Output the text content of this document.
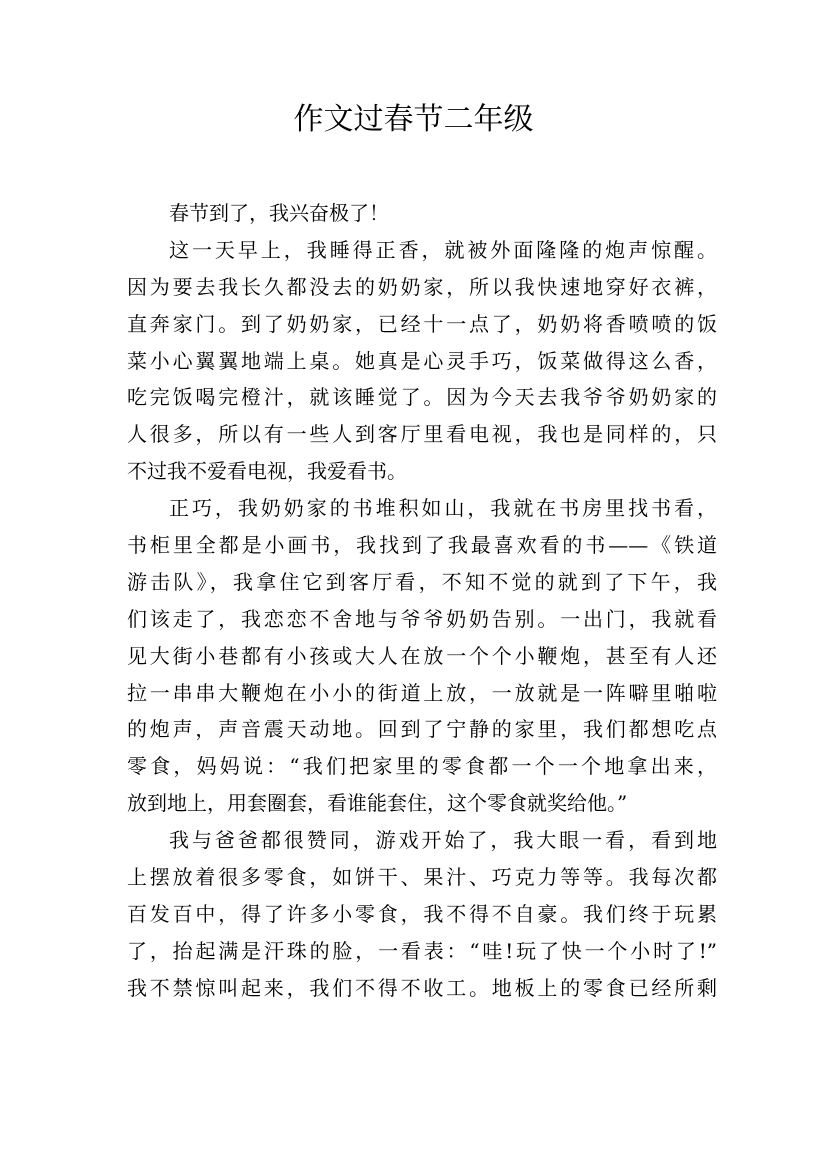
作文过春节二年级
春节到了，我兴奋极了！
这一天早上，我睡得正香，就被外面隆隆的炮声惊醒。
因为要去我长久都没去的奶奶家，所以我快速地穿好衣裤，
直奔家门。到了奶奶家，已经十一点了，奶奶将香喷喷的饭
菜小心翼翼地端上桌。她真是心灵手巧，饭菜做得这么香，
吃完饭喝完橙汁，就该睡觉了。因为今天去我爷爷奶奶家的
人很多，所以有一些人到客厅里看电视，我也是同样的，只
不过我不爱看电视，我爱看书。
正巧，我奶奶家的书堆积如山，我就在书房里找书看，
书柜里全都是小画书，我找到了我最喜欢看的书——《铁道
游击队》，我拿住它到客厅看，不知不觉的就到了下午，我
们该走了，我恋恋不舍地与爷爷奶奶告别。一出门，我就看
见大街小巷都有小孩或大人在放一个个小鞭炮，甚至有人还
拉一串串大鞭炮在小小的街道上放，一放就是一阵噼里啪啦
的炮声，声音震天动地。回到了宁静的家里，我们都想吃点
零食，妈妈说：“我们把家里的零食都一个一个地拿出来，
放到地上，用套圈套，看谁能套住，这个零食就奖给他。”
我与爸爸都很赞同，游戏开始了，我大眼一看，看到地
上摆放着很多零食，如饼干、果汁、巧克力等等。我每次都
百发百中，得了许多小零食，我不得不自豪。我们终于玩累
了，抬起满是汗珠的脸，一看表：“哇!玩了快一个小时了!”
我不禁惊叫起来，我们不得不收工。地板上的零食已经所剩
